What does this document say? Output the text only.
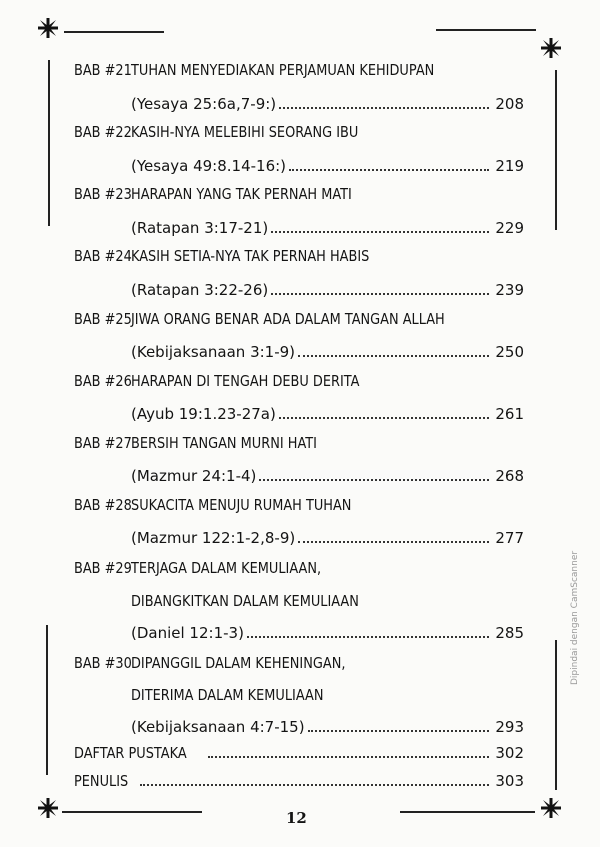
BAB #21 TUHAN MENYEDIAKAN PERJAMUAN KEHIDUPAN
(Yesaya 25:6a,7-9:)	208
BAB #22 KASIH-NYA MELEBIHI SEORANG IBU
(Yesaya 49:8.14-16:)	219
BAB #23 HARAPAN YANG TAK PERNAH MATI
(Ratapan 3:17-21)	229
BAB #24 KASIH SETIA-NYA TAK PERNAH HABIS
(Ratapan 3:22-26)	239
BAB #25 JIWA ORANG BENAR ADA DALAM TANGAN ALLAH
(Kebijaksanaan 3:1-9)	250
BAB #26 HARAPAN DI TENGAH DEBU DERITA
(Ayub 19:1.23-27a)	261
BAB #27 BERSIH TANGAN MURNI HATI
(Mazmur 24:1-4)	268
BAB #28 SUKACITA MENUJU RUMAH TUHAN
(Mazmur 122:1-2,8-9)	277
BAB #29 TERJAGA DALAM KEMULIAAN,
DIBANGKITKAN DALAM KEMULIAAN
(Daniel 12:1-3)	285
BAB #30 DIPANGGIL DALAM KEHENINGAN,
DITERIMA DALAM KEMULIAAN
(Kebijaksanaan 4:7-15)	293
DAFTAR PUSTAKA	302
PENULIS	303
12
Dipindai dengan CamScanner
